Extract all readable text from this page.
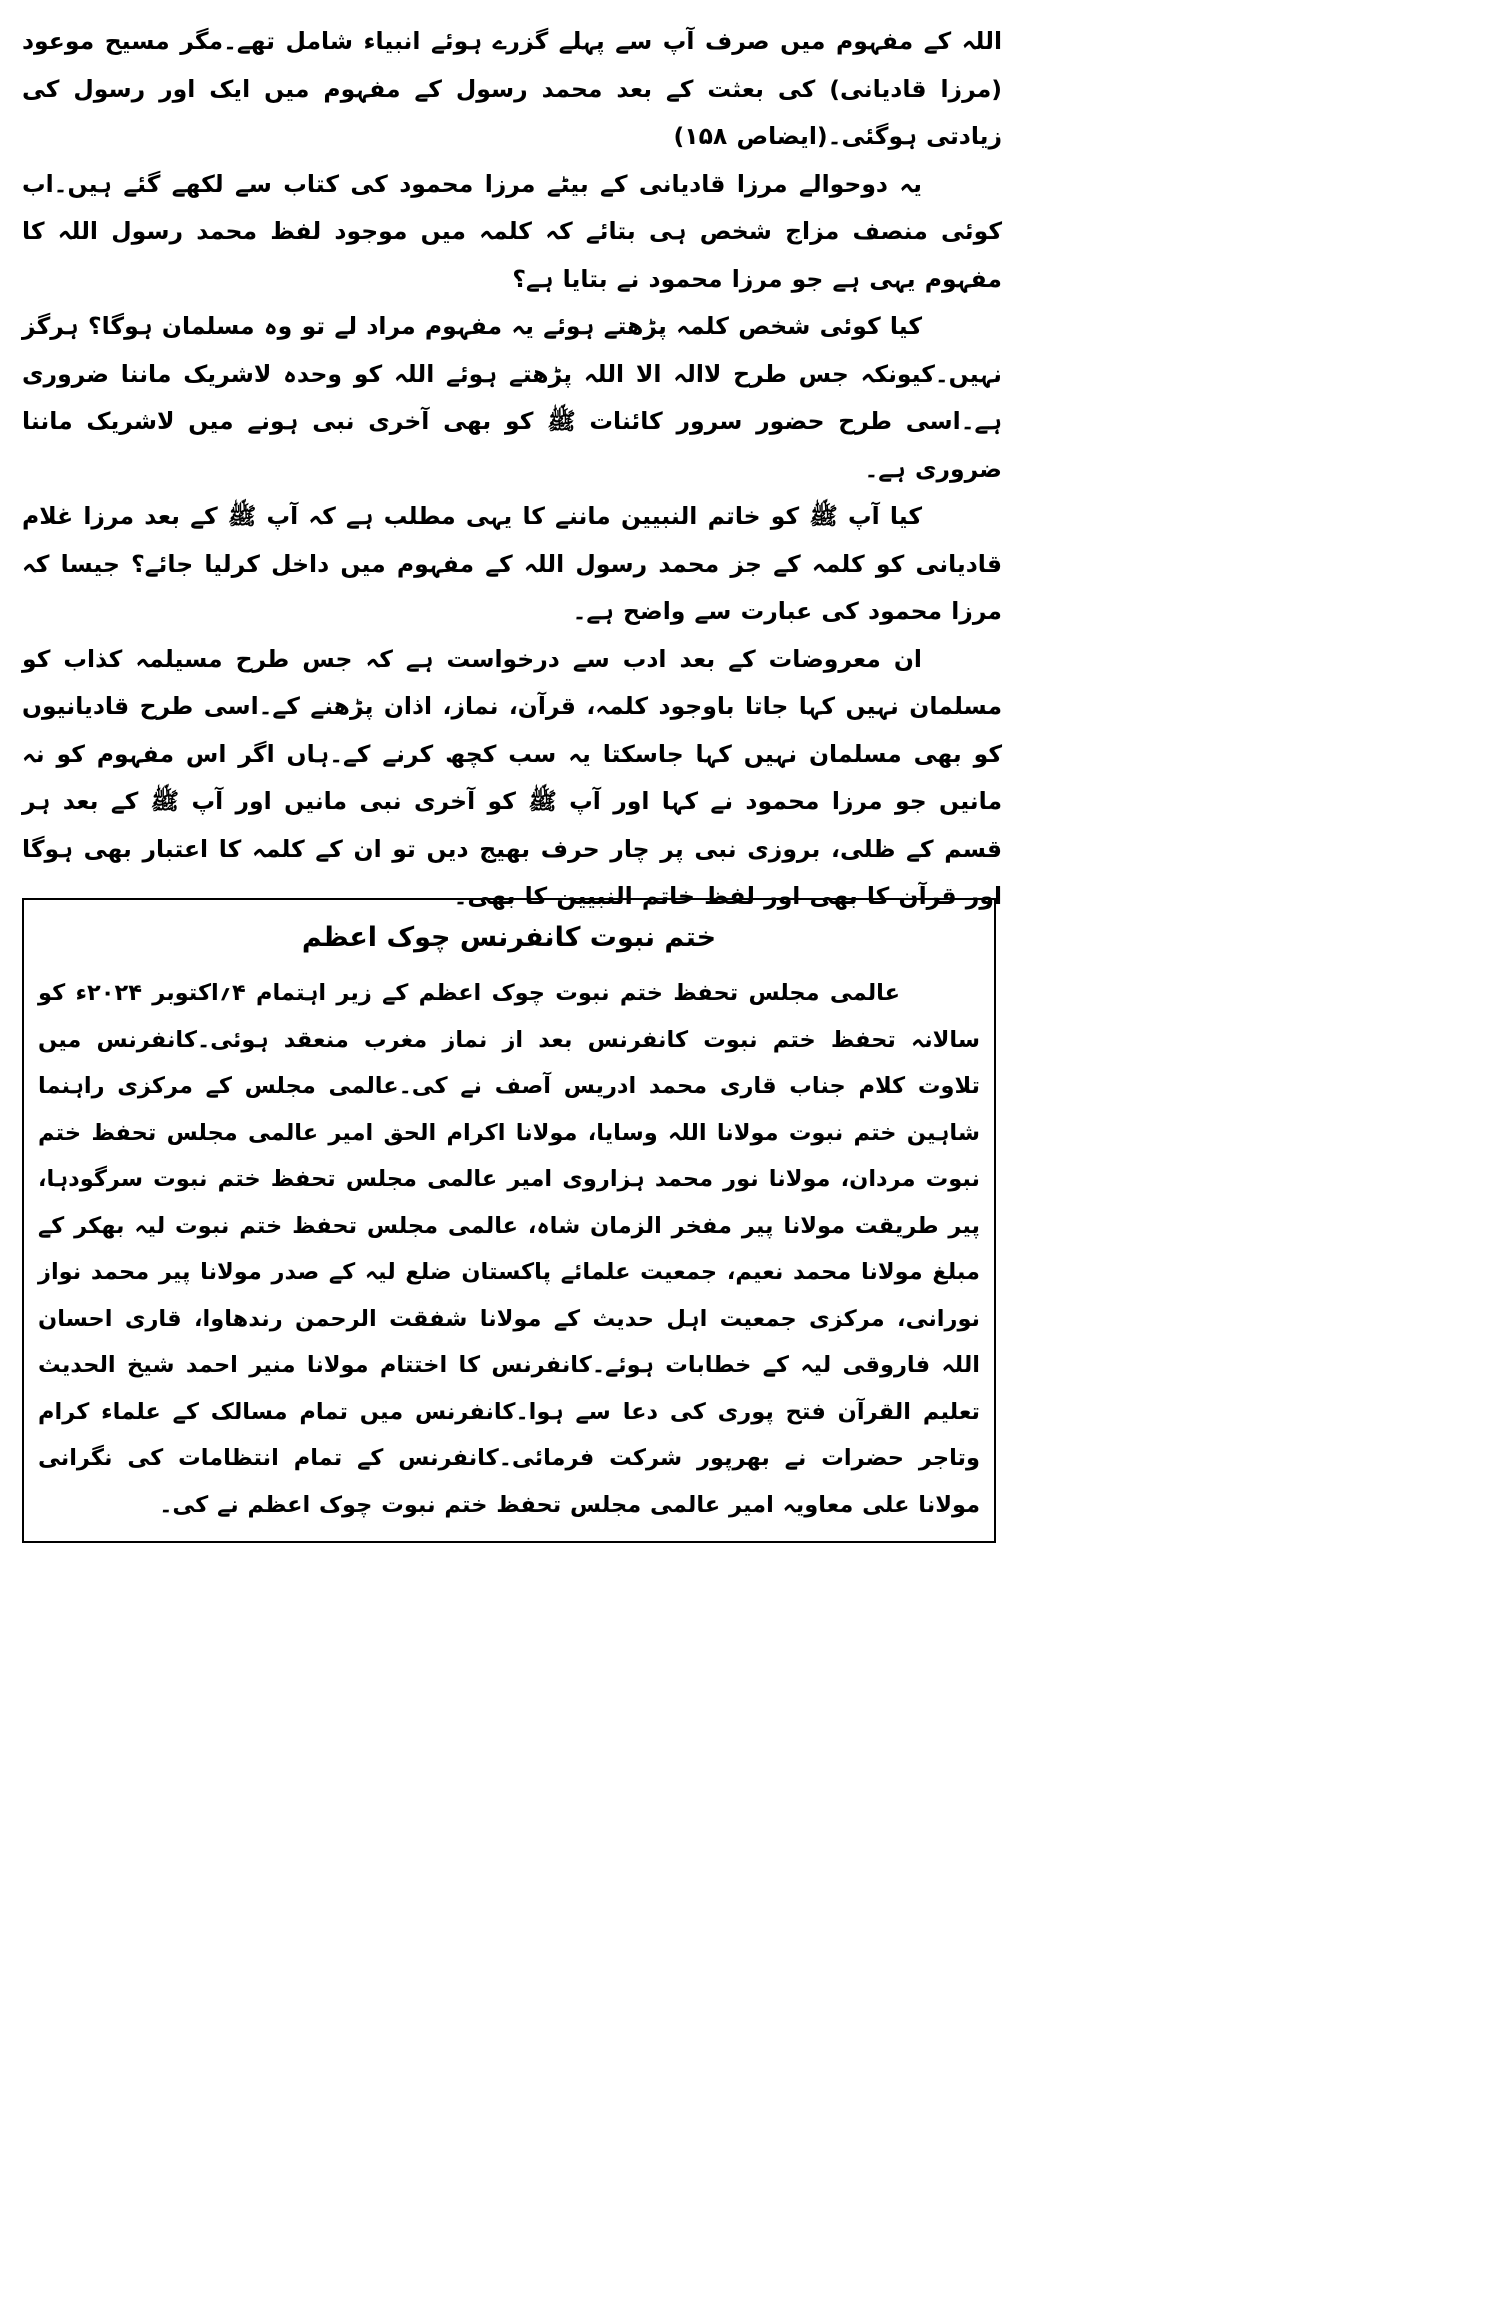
اللہ کے مفہوم میں صرف آپ سے پہلے گزرے ہوئے انبیاء شامل تھے۔مگر مسیح موعود (مرزا قادیانی) کی بعثت کے بعد محمد رسول کے مفہوم میں ایک اور رسول کی زیادتی ہوگئی۔(ایضاص ۱۵۸)

یہ دوحوالے مرزا قادیانی کے بیٹے مرزا محمود کی کتاب سے لکھے گئے ہیں۔اب کوئی منصف مزاج شخص ہی بتائے کہ کلمہ میں موجود لفظ محمد رسول اللہ کا مفہوم یہی ہے جو مرزا محمود نے بتایا ہے؟

کیا کوئی شخص کلمہ پڑھتے ہوئے یہ مفہوم مراد لے تو وہ مسلمان ہوگا؟ ہرگز نہیں۔کیونکہ جس طرح لاالہ الا اللہ پڑھتے ہوئے اللہ کو وحدہ لاشریک ماننا ضروری ہے۔اسی طرح حضور سرور کائنات ﷺ کو بھی آخری نبی ہونے میں لاشریک ماننا ضروری ہے۔

کیا آپ ﷺ کو خاتم النبیین ماننے کا یہی مطلب ہے کہ آپ ﷺ کے بعد مرزا غلام قادیانی کو کلمہ کے جز محمد رسول اللہ کے مفہوم میں داخل کرلیا جائے؟ جیسا کہ مرزا محمود کی عبارت سے واضح ہے۔

ان معروضات کے بعد ادب سے درخواست ہے کہ جس طرح مسیلمہ کذاب کو مسلمان نہیں کہا جاتا باوجود کلمہ، قرآن، نماز، اذان پڑھنے کے۔اسی طرح قادیانیوں کو بھی مسلمان نہیں کہا جاسکتا یہ سب کچھ کرنے کے۔ہاں اگر اس مفہوم کو نہ مانیں جو مرزا محمود نے کہا اور آپ ﷺ کو آخری نبی مانیں اور آپ ﷺ کے بعد ہر قسم کے ظلی، بروزی نبی پر چار حرف بھیج دیں تو ان کے کلمہ کا اعتبار بھی ہوگا اور قرآن کا بھی اور لفظ خاتم النبیین کا بھی۔

ختم نبوت کانفرنس چوک اعظم

عالمی مجلس تحفظ ختم نبوت چوک اعظم کے زیر اہتمام ۴؍اکتوبر ۲۰۲۴ء کو سالانہ تحفظ ختم نبوت کانفرنس بعد از نماز مغرب منعقد ہوئی۔کانفرنس میں تلاوت کلام جناب قاری محمد ادریس آصف نے کی۔عالمی مجلس کے مرکزی راہنما شاہین ختم نبوت مولانا اللہ وسایا، مولانا اکرام الحق امیر عالمی مجلس تحفظ ختم نبوت مردان، مولانا نور محمد ہزاروی امیر عالمی مجلس تحفظ ختم نبوت سرگودہا، پیر طریقت مولانا پیر مفخر الزمان شاہ، عالمی مجلس تحفظ ختم نبوت لیہ بھکر کے مبلغ مولانا محمد نعیم، جمعیت علمائے پاکستان ضلع لیہ کے صدر مولانا پیر محمد نواز نورانی، مرکزی جمعیت اہل حدیث کے مولانا شفقت الرحمن رندھاوا، قاری احسان اللہ فاروقی لیہ کے خطابات ہوئے۔کانفرنس کا اختتام مولانا منیر احمد شیخ الحدیث تعلیم القرآن فتح پوری کی دعا سے ہوا۔کانفرنس میں تمام مسالک کے علماء کرام وتاجر حضرات نے بھرپور شرکت فرمائی۔کانفرنس کے تمام انتظامات کی نگرانی مولانا علی معاویہ امیر عالمی مجلس تحفظ ختم نبوت چوک اعظم نے کی۔
